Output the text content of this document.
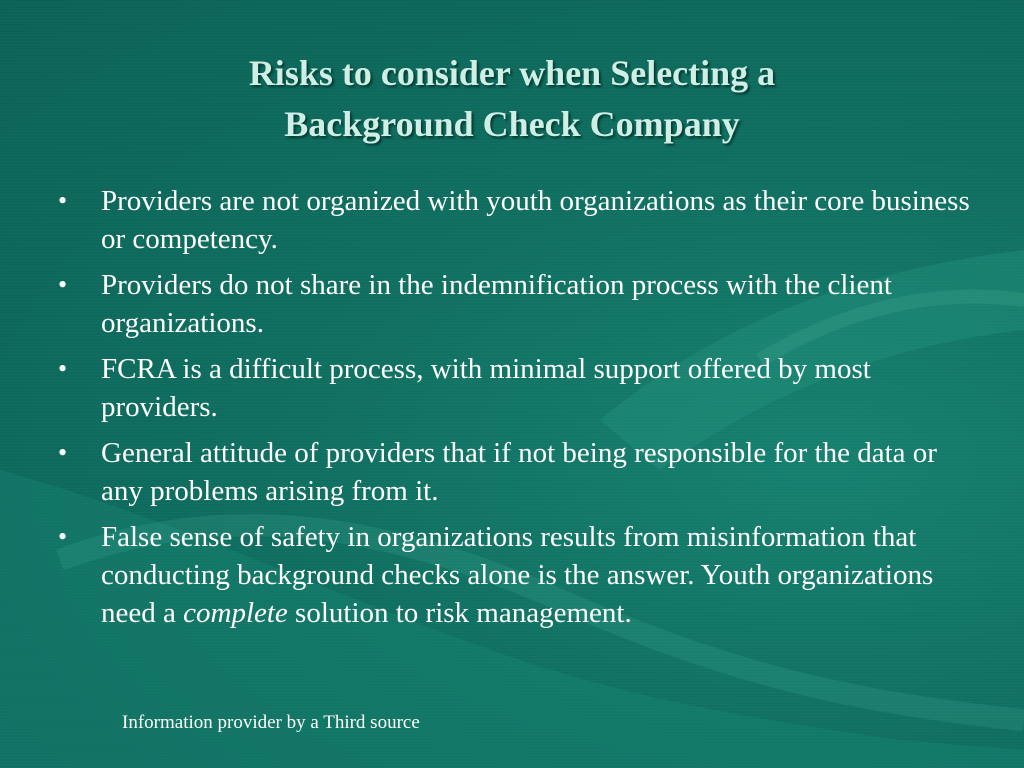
Risks to consider when Selecting a
Background Check Company
• Providers are not organized with youth organizations as their core business or competency.
• Providers do not share in the indemnification process with the client organizations.
• FCRA is a difficult process, with minimal support offered by most providers.
• General attitude of providers that if not being responsible for the data or any problems arising from it.
• False sense of safety in organizations results from misinformation that conducting background checks alone is the answer. Youth organizations need a complete solution to risk management.
Information provider by a Third source
